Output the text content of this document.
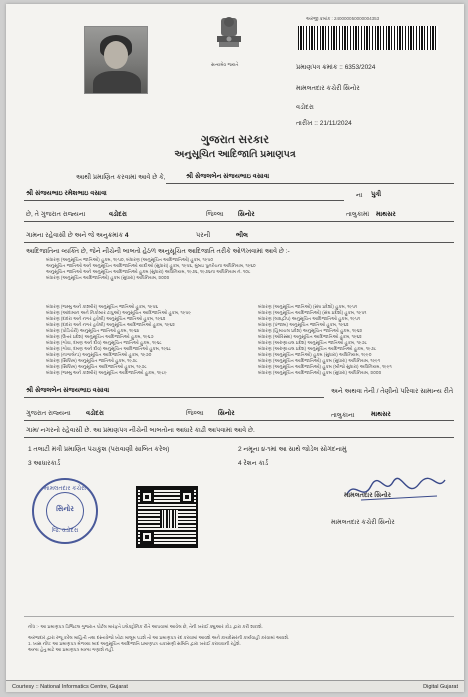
અરજી ક્રમાંક : 240000050000004353
સત્યમેવ જયતે	પ્રમાણપત્ર ક્રમાંક :: 6353/2024
મામલતદાર કચેરી સિનોર
વડોદરા
તારીખ :: 21/11/2024
ગુજરાત સરકાર
અનુસૂચિત આદિજાતિ પ્રમાણપત્ર
આથી પ્રમાણિત કરવામાં આવે છે કે,	શ્રી સેજલબેન સંજયભાઇ વસાવા
શ્રી સંજયભાઇ રમેશભાઇ વસાવા	ના પુત્રી
છે, તે ગુજરાત રાજ્યના	વડોદરા	જિલ્લા સિનોર	તાલુકામાં માથસર
ગામના રહેવાસી છે અને જે અનુક્રમાંક 4	પરની	ભીલ
આદિજાતિના વ્યક્તિ છે, જેને નીચેની બાબતો હેઠળ અનુસૂચિત આદિજાતિ તરીકે ઓળખવામાં આવે છે :-
બંધારણ (અનુસૂચિત જાતિઓ) હુકમ, ૧૯૫૦, બંધારણ (અનુસૂચિત આદિજાતિઓ) હુકમ, ૧૯૫૦
અનુસૂચિત જાતિઓ અને અનુસૂચિત આદિજાતિઓ યાદીઓ (સુધારા) હુકમ, ૧૯૫૬, મુંબઇ પુનર્રચના અધિનિયમ, ૧૯૬૦
અનુસૂચિત જાતિઓ અને અનુસૂચિત આદિજાતિઓ હુકમ (સુધારા) અધિનિયમ, ૧૯૭૬, ૧૯૭૬ના અધિનિયમ નં. ૧૦૮
બંધારણ (અનુસૂચિત આદિજાતિઓ) હુકમ (સુધારા) અધિનિયમ, ૨૦૦૨
બંધારણ (જમ્મુ અને કાશ્મીર) અનુસૂચિત જાતિઓ હુકમ, ૧૯૫૬
બંધારણ (આંદામાન અને નિકોબાર ટાપુઓ) અનુસૂચિત આદિજાતિઓ હુકમ, ૧૯૫૯
બંધારણ (દાદરા અને નગર હવેલી) અનુસૂચિત જાતિઓ હુકમ, ૧૯૬૨
બંધારણ (દાદરા અને નગર હવેલી) અનુસૂચિત આદિજાતિઓ હુકમ, ૧૯૬૨
બંધારણ (પોંડિચેરી) અનુસૂચિત જાતિઓ હુકમ, ૧૯૬૪
બંધારણ (ઉત્તર પ્રદેશ) અનુસૂચિત આદિજાતિઓ હુકમ, ૧૯૬૭
બંધારણ (ગોવા, દમણ અને દીવ) અનુસૂચિત જાતિઓ હુકમ, ૧૯૬૮
બંધારણ (ગોવા, દમણ અને દીવ) અનુસૂચિત આદિજાતિઓ હુકમ, ૧૯૬૮
બંધારણ (નાગાલેન્ડ) અનુસૂચિત આદિજાતિઓ હુકમ, ૧૯૭૦
બંધારણ (સિક્કિમ) અનુસૂચિત જાતિઓ હુકમ, ૧૯૭૮
બંધારણ (સિક્કિમ) અનુસૂચિત આદિજાતિઓ હુકમ, ૧૯૭૮
બંધારણ (જમ્મુ અને કાશ્મીર) અનુસૂચિત આદિજાતિઓ હુકમ, ૧૯૮૯
બંધારણ (અનુસૂચિત જાતિઓ) (સંઘ પ્રદેશો) હુકમ, ૧૯૫૧
બંધારણ (અનુસૂચિત આદિજાતિઓ) (સંઘ પ્રદેશો) હુકમ, ૧૯૫૧
બંધારણ (લક્ષદ્વીપ) અનુસૂચિત આદિજાતિઓ હુકમ, ૧૯૫૧
બંધારણ (પંજાબ) અનુસૂચિત જાતિઓ હુકમ, ૧૯૬૨
બંધારણ (હિમાચલ પ્રદેશ) અનુસૂચિત જાતિઓ હુકમ, ૧૯૬૨
બંધારણ (ઓરિસ્સા) અનુસૂચિત આદિજાતિઓ હુકમ, ૧૯૬૨
બંધારણ (અરુણાચલ પ્રદેશ) અનુસૂચિત જાતિઓ હુકમ, ૧૯૭૮
બંધારણ (અરુણાચલ પ્રદેશ) અનુસૂચિત આદિજાતિઓ હુકમ, ૧૯૭૮
બંધારણ (અનુસૂચિત જાતિઓ) હુકમ (સુધારા) અધિનિયમ, ૧૯૯૦
બંધારણ (અનુસૂચિત આદિજાતિઓ) હુકમ (સુધારા) અધિનિયમ, ૧૯૯૧
બંધારણ (અનુસૂચિત આદિજાતિઓ) હુકમ (બીજો સુધારા) અધિનિયમ, ૧૯૯૧
બંધારણ (અનુસૂચિત આદિજાતિઓ) હુકમ (સુધારા) અધિનિયમ, ૨૦૦૨
શ્રી સેજલબેન સંજયભાઇ વસાવા	અને અથવા તેની / તેણીનો પરિવાર સામાન્ય રીતે
ગુજરાત રાજ્યના વડોદરા	જિલ્લા સિનોર	તાલુકાના	માથસર
ગામ/ નગરનો રહેવાસી છે. આ પ્રમાણપત્ર નીચેની બાબતોના આધારે કાઢી આપવામાં આવે છે.
1 તલાટી મંત્રી પ્રમાણિત પંચકુશ (પરાવાણી સાબિત કરેલ)
3 આધારકાર્ડ
2 નમૂના ૪-૧માં આ સાથે જોડેલ સોગંદનામું
4 રેશન કાર્ડ
મામલતદાર કચેરી
સિનોર
જિ. વડોદરા
મામલતદાર સિનોર
મામલતદાર કચેરી સિનોર
નોંધ :- આ પ્રમાણપત્ર ડિજિટલ ગુજરાત પોર્ટલ મારફતે ઇલેક્ટ્રોનિક રીતે આપવામાં આવેલ છે, તેની ખરાઈ ક્યુઆર કોડ દ્વારા કરી શકાશે.
અરજદાર દ્વારા રજૂ કરેલ માહિતી તથા દસ્તાવેજો ખોટા માલૂમ પડશે તો આ પ્રમાણપત્ર રદ કરવામાં આવશે અને કાયદેસરની કાર્યવાહી કરવામાં આવશે.
1. ખાસ નોંધ: આ પ્રમાણપત્ર મેળવ્યા બાદ અનુસૂચિત આદિજાતિ પ્રમાણપત્ર ચકાસણી સમિતિ દ્વારા ખરાઈ કરાવવાની રહેશે.
અન્ય હેતુ માટે આ પ્રમાણપત્ર માન્ય ગણાશે નહીં.
Courtesy :: National Informatics Centre, Gujarat	Digital Gujarat
